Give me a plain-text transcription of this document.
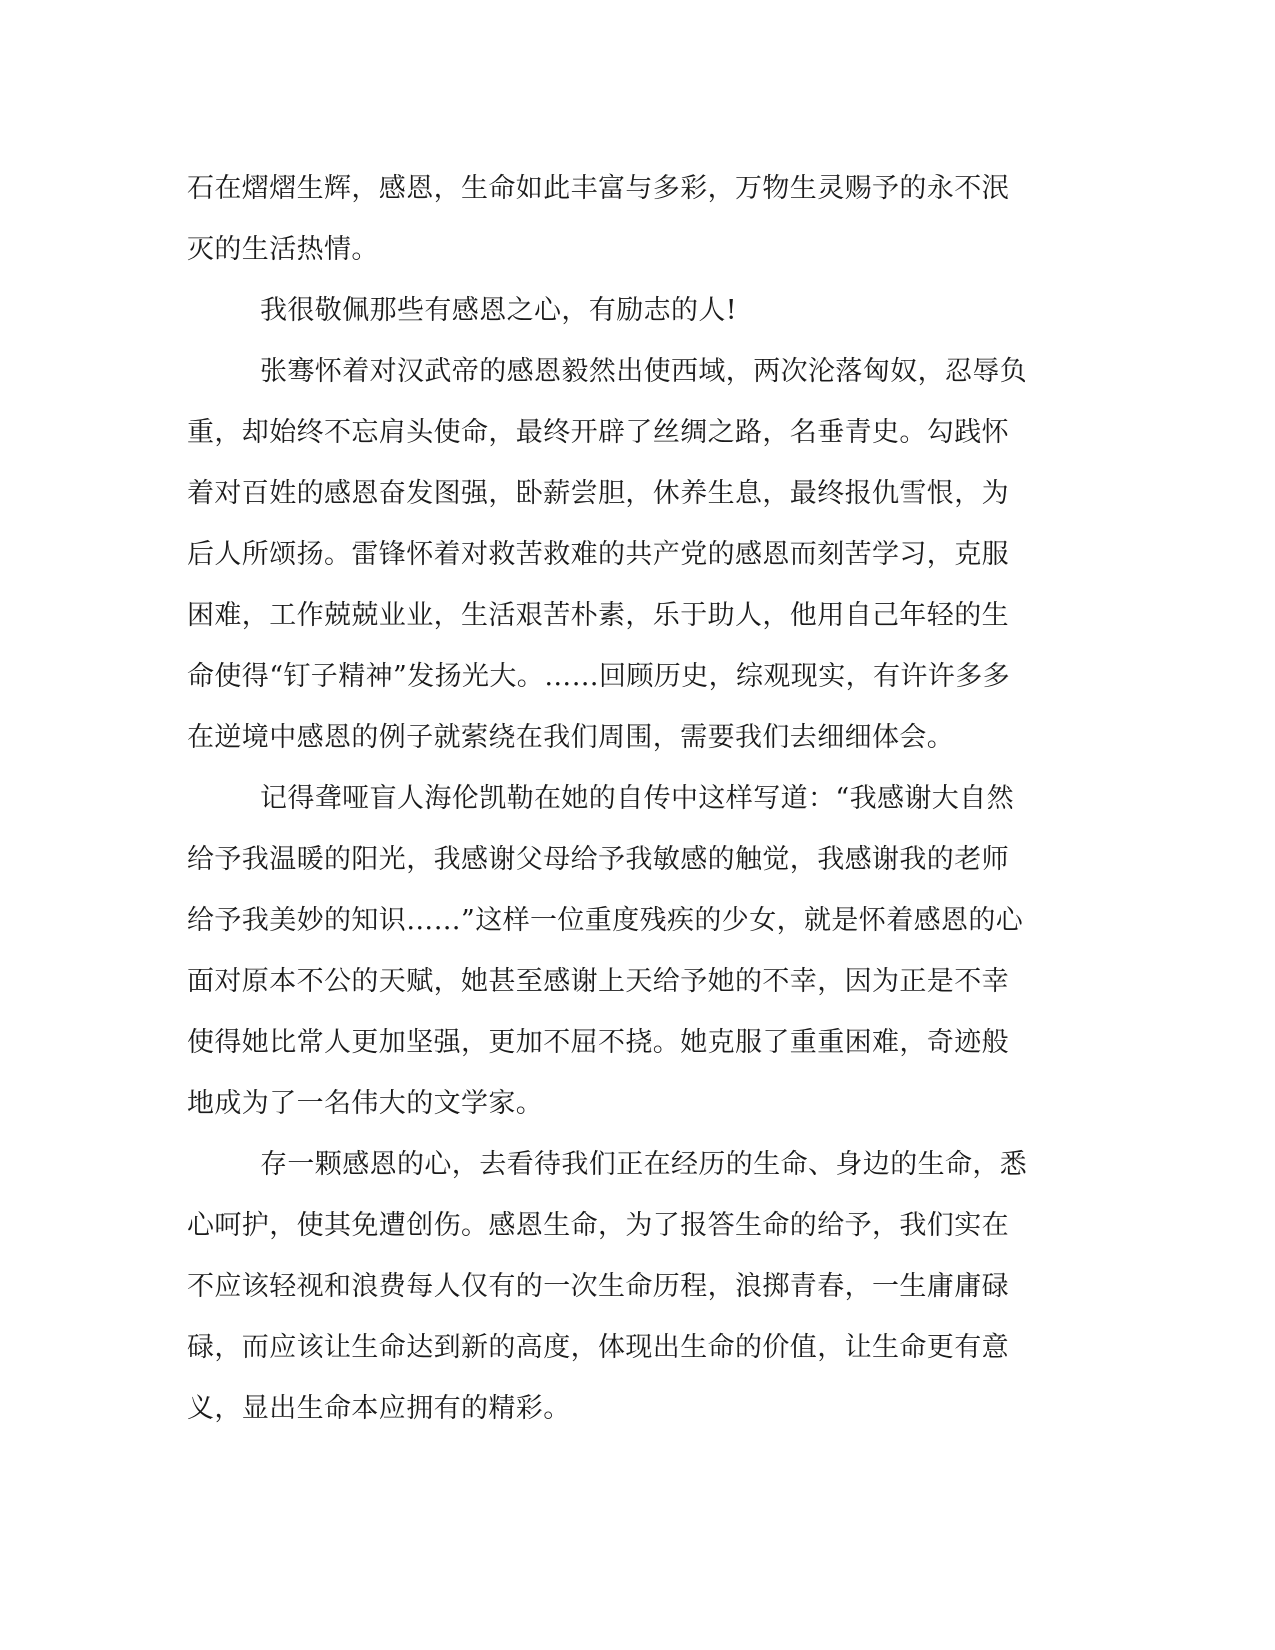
石在熠熠生辉，感恩，生命如此丰富与多彩，万物生灵赐予的永不泯
灭的生活热情。
我很敬佩那些有感恩之心，有励志的人!
张骞怀着对汉武帝的感恩毅然出使西域，两次沦落匈奴，忍辱负
重，却始终不忘肩头使命，最终开辟了丝绸之路，名垂青史。勾践怀
着对百姓的感恩奋发图强，卧薪尝胆，休养生息，最终报仇雪恨，为
后人所颂扬。雷锋怀着对救苦救难的共产党的感恩而刻苦学习，克服
困难，工作兢兢业业，生活艰苦朴素，乐于助人，他用自己年轻的生
命使得“钉子精神”发扬光大。……回顾历史，综观现实，有许许多多
在逆境中感恩的例子就萦绕在我们周围，需要我们去细细体会。
记得聋哑盲人海伦凯勒在她的自传中这样写道：“我感谢大自然
给予我温暖的阳光，我感谢父母给予我敏感的触觉，我感谢我的老师
给予我美妙的知识……”这样一位重度残疾的少女，就是怀着感恩的心
面对原本不公的天赋，她甚至感谢上天给予她的不幸，因为正是不幸
使得她比常人更加坚强，更加不屈不挠。她克服了重重困难，奇迹般
地成为了一名伟大的文学家。
存一颗感恩的心，去看待我们正在经历的生命、身边的生命，悉
心呵护，使其免遭创伤。感恩生命，为了报答生命的给予，我们实在
不应该轻视和浪费每人仅有的一次生命历程，浪掷青春，一生庸庸碌
碌，而应该让生命达到新的高度，体现出生命的价值，让生命更有意
义，显出生命本应拥有的精彩。
